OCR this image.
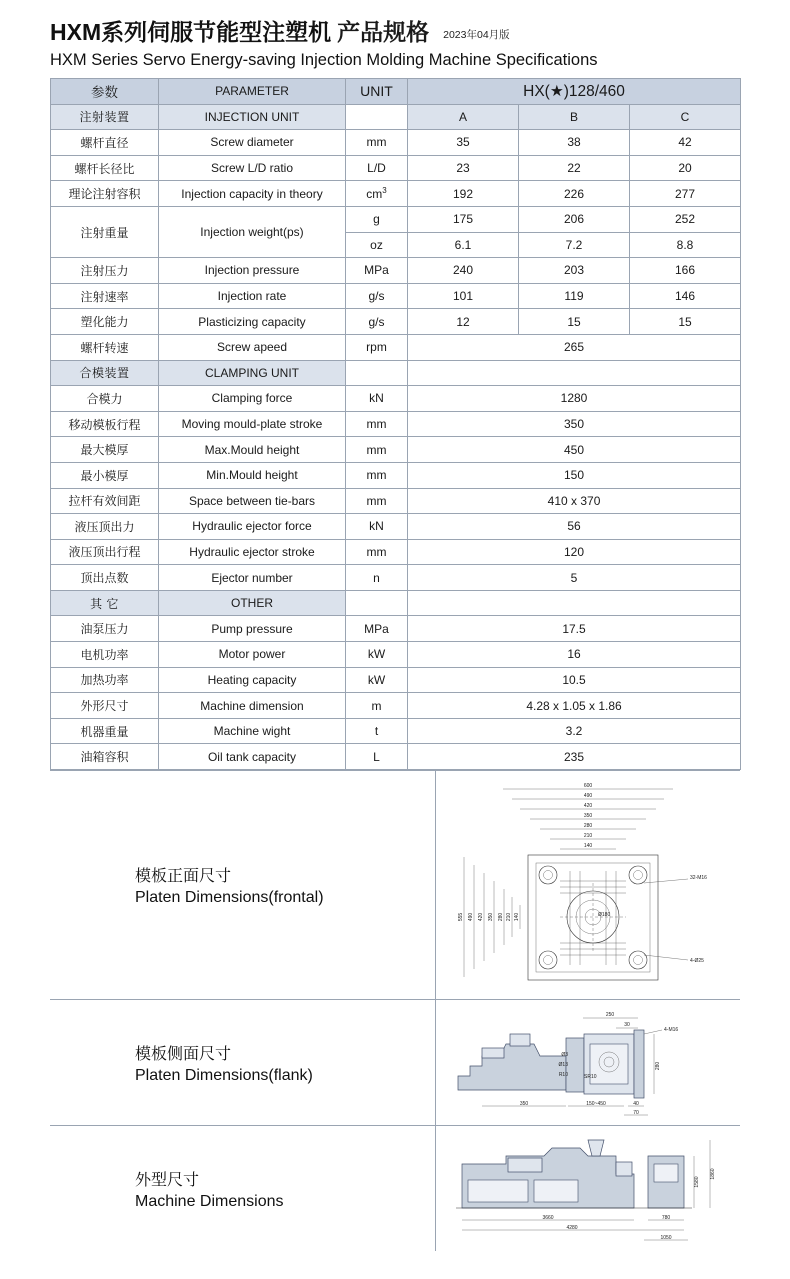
HXM系列伺服节能型注塑机 产品规格 2023年04月版
HXM Series Servo Energy-saving Injection Molding Machine Specifications
参数	PARAMETER	UNIT	HX(★)128/460		
注射装置	INJECTION UNIT		A	B	C
螺杆直径	Screw diameter	mm	35	38	42
螺杆长径比	Screw L/D ratio	L/D	23	22	20
理论注射容积	Injection capacity in theory	$cm^3$	192	226	277
注射重量	Injection weight(ps)	g	175	206	252
		oz	6.1	7.2	8.8
注射压力	Injection pressure	MPa	240	203	166
注射速率	Injection rate	g/s	101	119	146
塑化能力	Plasticizing capacity	g/s	12	15	15
螺杆转速	Screw apeed	rpm	265		
合模装置	CLAMPING UNIT				
合模力	Clamping force	kN	1280		
移动模板行程	Moving mould-plate stroke	mm	350		
最大模厚	Max.Mould height	mm	450		
最小模厚	Min.Mould height	mm	150		
拉杆有效间距	Space between tie-bars	mm	410 x 370		
液压顶出力	Hydraulic ejector force	kN	56		
液压顶出行程	Hydraulic ejector stroke	mm	120		
顶出点数	Ejector number	n	5		
其 它	OTHER				
油泵压力	Pump pressure	MPa	17.5		
电机功率	Motor power	kW	16		
加热功率	Heating capacity	kW	10.5		
外形尺寸	Machine dimension	m	4.28 x 1.05 x 1.86		
机器重量	Machine wight	t	3.2		
油箱容积	Oil tank capacity	L	235		
模板正面尺寸
Platen Dimensions(frontal)
600
490
420
350
280
210
140
555 490 420 350 280 210 140
32-M16
4-Ø25
Ø180
模板侧面尺寸
Platen Dimensions(flank)
250
30
4-M16
Ø3
Ø13
R10	SR10
280
350	150~450	40
70
外型尺寸
Machine Dimensions
1580
1860
3660
4280
780
1050
